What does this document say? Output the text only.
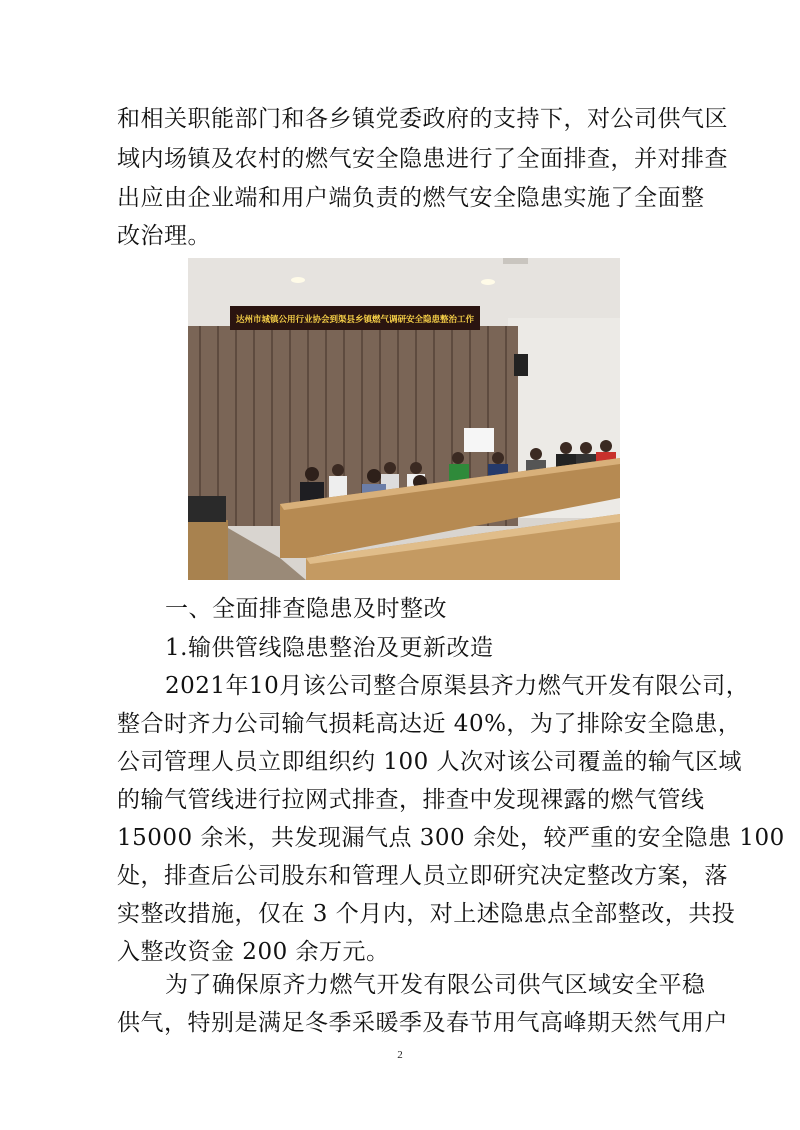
和相关职能部门和各乡镇党委政府的支持下，对公司供气区
域内场镇及农村的燃气安全隐患进行了全面排查，并对排查
出应由企业端和用户端负责的燃气安全隐患实施了全面整
改治理。
达州市城镇公用行业协会到渠县乡镇燃气调研安全隐患整治工作
一、全面排查隐患及时整改
1.输供管线隐患整治及更新改造
2021年10月该公司整合原渠县齐力燃气开发有限公司，
整合时齐力公司输气损耗高达近 40%，为了排除安全隐患，
公司管理人员立即组织约 100 人次对该公司覆盖的输气区域
的输气管线进行拉网式排查，排查中发现裸露的燃气管线
15000 余米，共发现漏气点 300 余处，较严重的安全隐患 100
处，排查后公司股东和管理人员立即研究决定整改方案，落
实整改措施，仅在 3 个月内，对上述隐患点全部整改，共投
入整改资金 200 余万元。
为了确保原齐力燃气开发有限公司供气区域安全平稳
供气，特别是满足冬季采暖季及春节用气高峰期天然气用户
2
